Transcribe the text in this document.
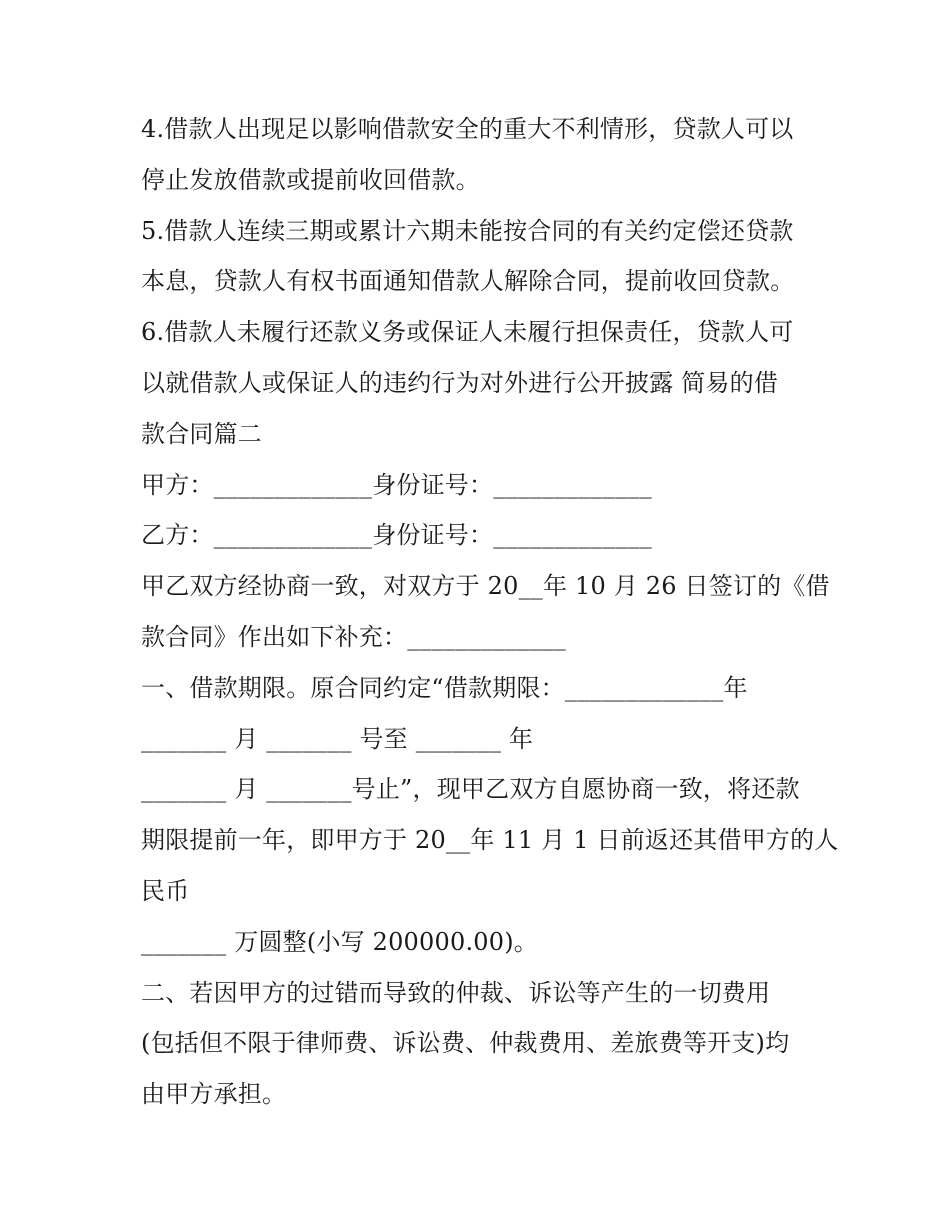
4.借款人出现足以影响借款安全的重大不利情形，贷款人可以
停止发放借款或提前收回借款。
5.借款人连续三期或累计六期未能按合同的有关约定偿还贷款
本息，贷款人有权书面通知借款人解除合同，提前收回贷款。
6.借款人未履行还款义务或保证人未履行担保责任，贷款人可
以就借款人或保证人的违约行为对外进行公开披露 简易的借
款合同篇二
甲方：_____________身份证号：_____________
乙方：_____________身份证号：_____________
甲乙双方经协商一致，对双方于 20__年 10 月 26 日签订的《借
款合同》作出如下补充：_____________
一、借款期限。原合同约定“借款期限：_____________年
_______ 月 _______ 号至 _______ 年
_______ 月 _______号止”，现甲乙双方自愿协商一致，将还款
期限提前一年，即甲方于 20__年 11 月 1 日前返还其借甲方的人
民币
_______ 万圆整(小写 200000.00)。
二、若因甲方的过错而导致的仲裁、诉讼等产生的一切费用
(包括但不限于律师费、诉讼费、仲裁费用、差旅费等开支)均
由甲方承担。
